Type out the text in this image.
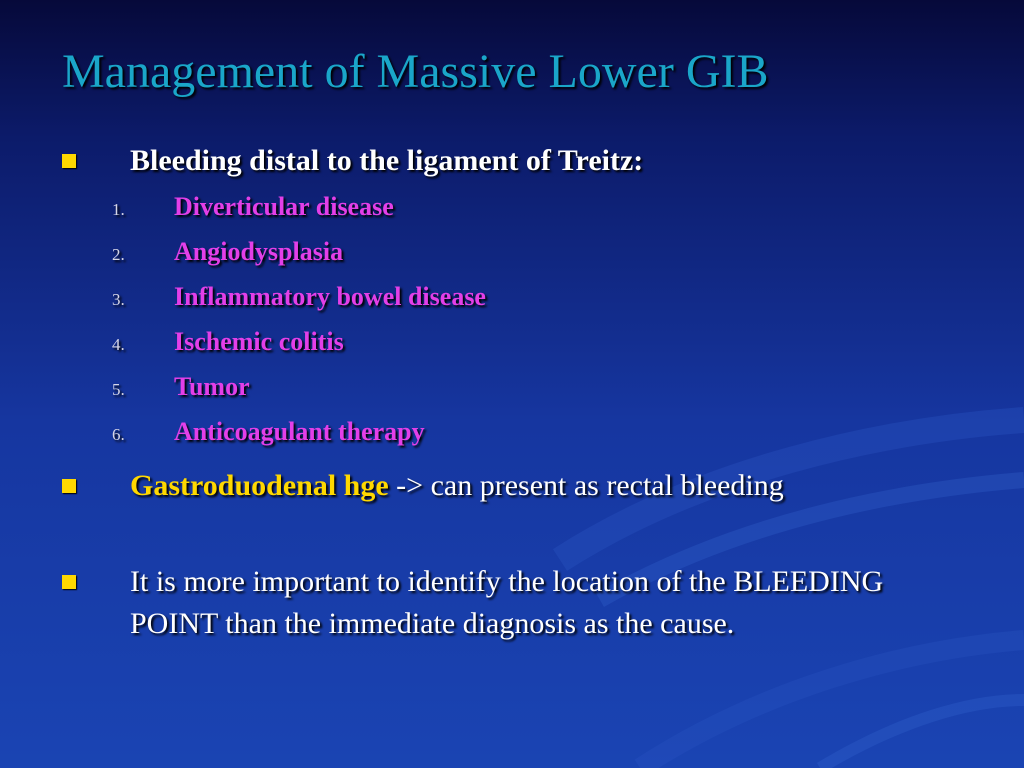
Management of Massive Lower GIB
Bleeding distal to the ligament of Treitz:
1.	Diverticular disease
2.	Angiodysplasia
3.	Inflammatory bowel disease
4.	Ischemic colitis
5.	Tumor
6.	Anticoagulant therapy
Gastroduodenal hge -> can present as rectal bleeding
It is more important to identify the location of the BLEEDING POINT than the immediate diagnosis as the cause.
